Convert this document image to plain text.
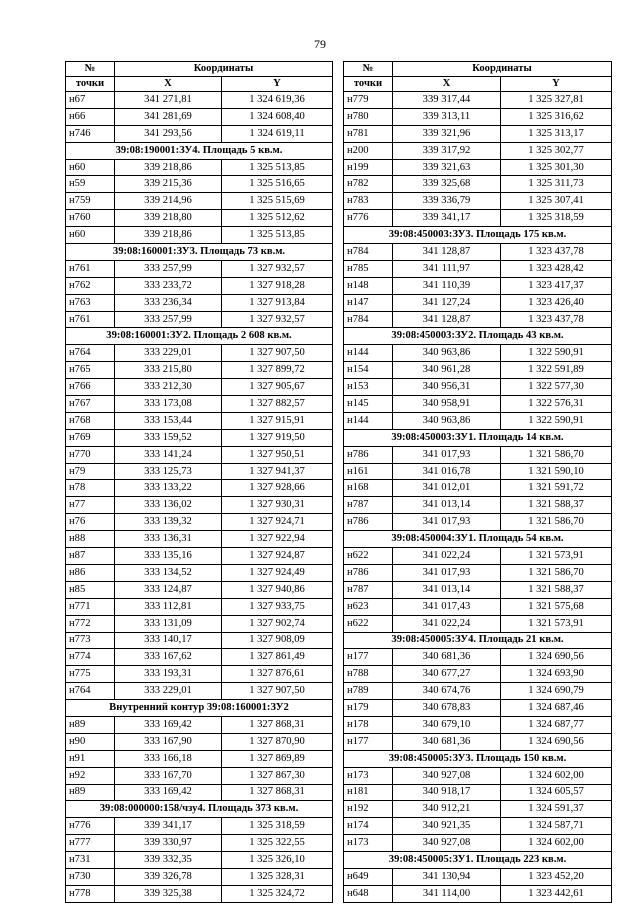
79
№	Координаты	
точки	X	Y
н67	341 271,81	1 324 619,36
н66	341 281,69	1 324 608,40
н746	341 293,56	1 324 619,11
39:08:190001:ЗУ4. Площадь 5 кв.м.		
н60	339 218,86	1 325 513,85
н59	339 215,36	1 325 516,65
н759	339 214,96	1 325 515,69
н760	339 218,80	1 325 512,62
н60	339 218,86	1 325 513,85
39:08:160001:ЗУ3. Площадь 73 кв.м.		
н761	333 257,99	1 327 932,57
н762	333 233,72	1 327 918,28
н763	333 236,34	1 327 913,84
н761	333 257,99	1 327 932,57
39:08:160001:ЗУ2. Площадь 2 608 кв.м.		
н764	333 229,01	1 327 907,50
н765	333 215,80	1 327 899,72
н766	333 212,30	1 327 905,67
н767	333 173,08	1 327 882,57
н768	333 153,44	1 327 915,91
н769	333 159,52	1 327 919,50
н770	333 141,24	1 327 950,51
н79	333 125,73	1 327 941,37
н78	333 133,22	1 327 928,66
н77	333 136,02	1 327 930,31
н76	333 139,32	1 327 924,71
н88	333 136,31	1 327 922,94
н87	333 135,16	1 327 924,87
н86	333 134,52	1 327 924,49
н85	333 124,87	1 327 940,86
н771	333 112,81	1 327 933,75
н772	333 131,09	1 327 902,74
н773	333 140,17	1 327 908,09
н774	333 167,62	1 327 861,49
н775	333 193,31	1 327 876,61
н764	333 229,01	1 327 907,50
Внутренний контур 39:08:160001:ЗУ2		
н89	333 169,42	1 327 868,31
н90	333 167,90	1 327 870,90
н91	333 166,18	1 327 869,89
н92	333 167,70	1 327 867,30
н89	333 169,42	1 327 868,31
39:08:000000:158/чзу4. Площадь 373 кв.м.		
н776	339 341,17	1 325 318,59
н777	339 330,97	1 325 322,55
н731	339 332,35	1 325 326,10
н730	339 326,78	1 325 328,31
н778	339 325,38	1 325 324,72
№	Координаты	
точки	X	Y
н779	339 317,44	1 325 327,81
н780	339 313,11	1 325 316,62
н781	339 321,96	1 325 313,17
н200	339 317,92	1 325 302,77
н199	339 321,63	1 325 301,30
н782	339 325,68	1 325 311,73
н783	339 336,79	1 325 307,41
н776	339 341,17	1 325 318,59
39:08:450003:ЗУ3. Площадь 175 кв.м.		
н784	341 128,87	1 323 437,78
н785	341 111,97	1 323 428,42
н148	341 110,39	1 323 417,37
н147	341 127,24	1 323 426,40
н784	341 128,87	1 323 437,78
39:08:450003:ЗУ2. Площадь 43 кв.м.		
н144	340 963,86	1 322 590,91
н154	340 961,28	1 322 591,89
н153	340 956,31	1 322 577,30
н145	340 958,91	1 322 576,31
н144	340 963,86	1 322 590,91
39:08:450003:ЗУ1. Площадь 14 кв.м.		
н786	341 017,93	1 321 586,70
н161	341 016,78	1 321 590,10
н168	341 012,01	1 321 591,72
н787	341 013,14	1 321 588,37
н786	341 017,93	1 321 586,70
39:08:450004:ЗУ1. Площадь 54 кв.м.		
н622	341 022,24	1 321 573,91
н786	341 017,93	1 321 586,70
н787	341 013,14	1 321 588,37
н623	341 017,43	1 321 575,68
н622	341 022,24	1 321 573,91
39:08:450005:ЗУ4. Площадь 21 кв.м.		
н177	340 681,36	1 324 690,56
н788	340 677,27	1 324 693,90
н789	340 674,76	1 324 690,79
н179	340 678,83	1 324 687,46
н178	340 679,10	1 324 687,77
н177	340 681,36	1 324 690,56
39:08:450005:ЗУ3. Площадь 150 кв.м.		
н173	340 927,08	1 324 602,00
н181	340 918,17	1 324 605,57
н192	340 912,21	1 324 591,37
н174	340 921,35	1 324 587,71
н173	340 927,08	1 324 602,00
39:08:450005:ЗУ1. Площадь 223 кв.м.		
н649	341 130,94	1 323 452,20
н648	341 114,00	1 323 442,61
